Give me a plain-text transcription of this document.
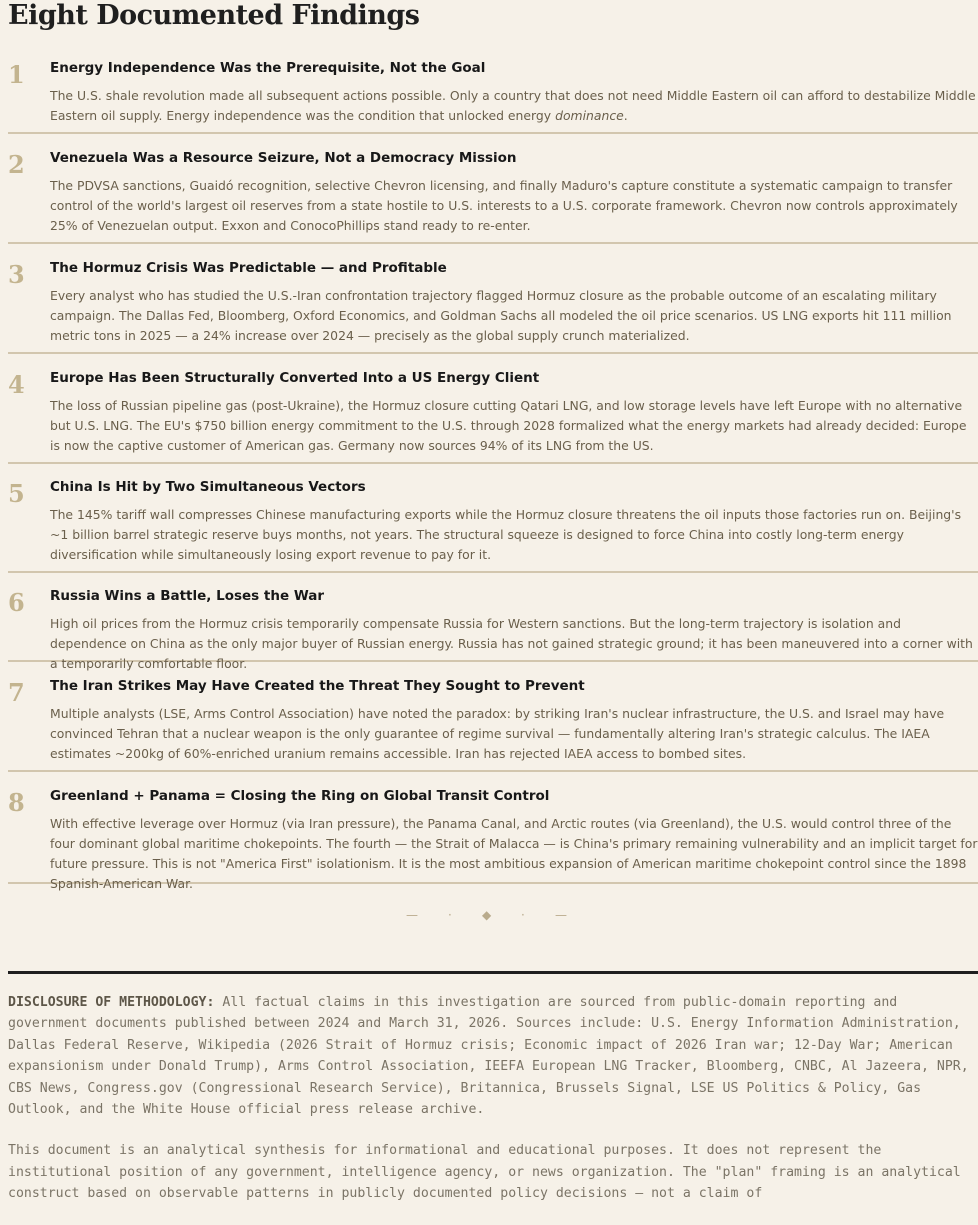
Eight Documented Findings
1 Energy Independence Was the Prerequisite, Not the Goal
The U.S. shale revolution made all subsequent actions possible. Only a country that does not need Middle Eastern oil can afford to destabilize Middle Eastern oil supply. Energy independence was the condition that unlocked energy dominance.
2 Venezuela Was a Resource Seizure, Not a Democracy Mission
The PDVSA sanctions, Guaidó recognition, selective Chevron licensing, and finally Maduro's capture constitute a systematic campaign to transfer control of the world's largest oil reserves from a state hostile to U.S. interests to a U.S. corporate framework. Chevron now controls approximately 25% of Venezuelan output. Exxon and ConocoPhillips stand ready to re-enter.
3 The Hormuz Crisis Was Predictable — and Profitable
Every analyst who has studied the U.S.-Iran confrontation trajectory flagged Hormuz closure as the probable outcome of an escalating military campaign. The Dallas Fed, Bloomberg, Oxford Economics, and Goldman Sachs all modeled the oil price scenarios. US LNG exports hit 111 million metric tons in 2025 — a 24% increase over 2024 — precisely as the global supply crunch materialized.
4 Europe Has Been Structurally Converted Into a US Energy Client
The loss of Russian pipeline gas (post-Ukraine), the Hormuz closure cutting Qatari LNG, and low storage levels have left Europe with no alternative but U.S. LNG. The EU's $750 billion energy commitment to the U.S. through 2028 formalized what the energy markets had already decided: Europe is now the captive customer of American gas. Germany now sources 94% of its LNG from the US.
5 China Is Hit by Two Simultaneous Vectors
The 145% tariff wall compresses Chinese manufacturing exports while the Hormuz closure threatens the oil inputs those factories run on. Beijing's ~1 billion barrel strategic reserve buys months, not years. The structural squeeze is designed to force China into costly long-term energy diversification while simultaneously losing export revenue to pay for it.
6 Russia Wins a Battle, Loses the War
High oil prices from the Hormuz crisis temporarily compensate Russia for Western sanctions. But the long-term trajectory is isolation and dependence on China as the only major buyer of Russian energy. Russia has not gained strategic ground; it has been maneuvered into a corner with a temporarily comfortable floor.
7 The Iran Strikes May Have Created the Threat They Sought to Prevent
Multiple analysts (LSE, Arms Control Association) have noted the paradox: by striking Iran's nuclear infrastructure, the U.S. and Israel may have convinced Tehran that a nuclear weapon is the only guarantee of regime survival — fundamentally altering Iran's strategic calculus. The IAEA estimates ~200kg of 60%-enriched uranium remains accessible. Iran has rejected IAEA access to bombed sites.
8 Greenland + Panama = Closing the Ring on Global Transit Control
With effective leverage over Hormuz (via Iran pressure), the Panama Canal, and Arctic routes (via Greenland), the U.S. would control three of the four dominant global maritime chokepoints. The fourth — the Strait of Malacca — is China's primary remaining vulnerability and an implicit target for future pressure. This is not "America First" isolationism. It is the most ambitious expansion of American maritime chokepoint control since the 1898 Spanish-American War.
—	·	◆ ·	—

DISCLOSURE OF METHODOLOGY: All factual claims in this investigation are sourced from public-domain reporting and government documents published between 2024 and March 31, 2026. Sources include: U.S. Energy Information Administration, Dallas Federal Reserve, Wikipedia (2026 Strait of Hormuz crisis; Economic impact of 2026 Iran war; 12-Day War; American expansionism under Donald Trump), Arms Control Association, IEEFA European LNG Tracker, Bloomberg, CNBC, Al Jazeera, NPR, CBS News, Congress.gov (Congressional Research Service), Britannica, Brussels Signal, LSE US Politics & Policy, Gas Outlook, and the White House official press release archive.

This document is an analytical synthesis for informational and educational purposes. It does not represent the institutional position of any government, intelligence agency, or news organization. The "plan" framing is an analytical construct based on observable patterns in publicly documented policy decisions — not a claim of
